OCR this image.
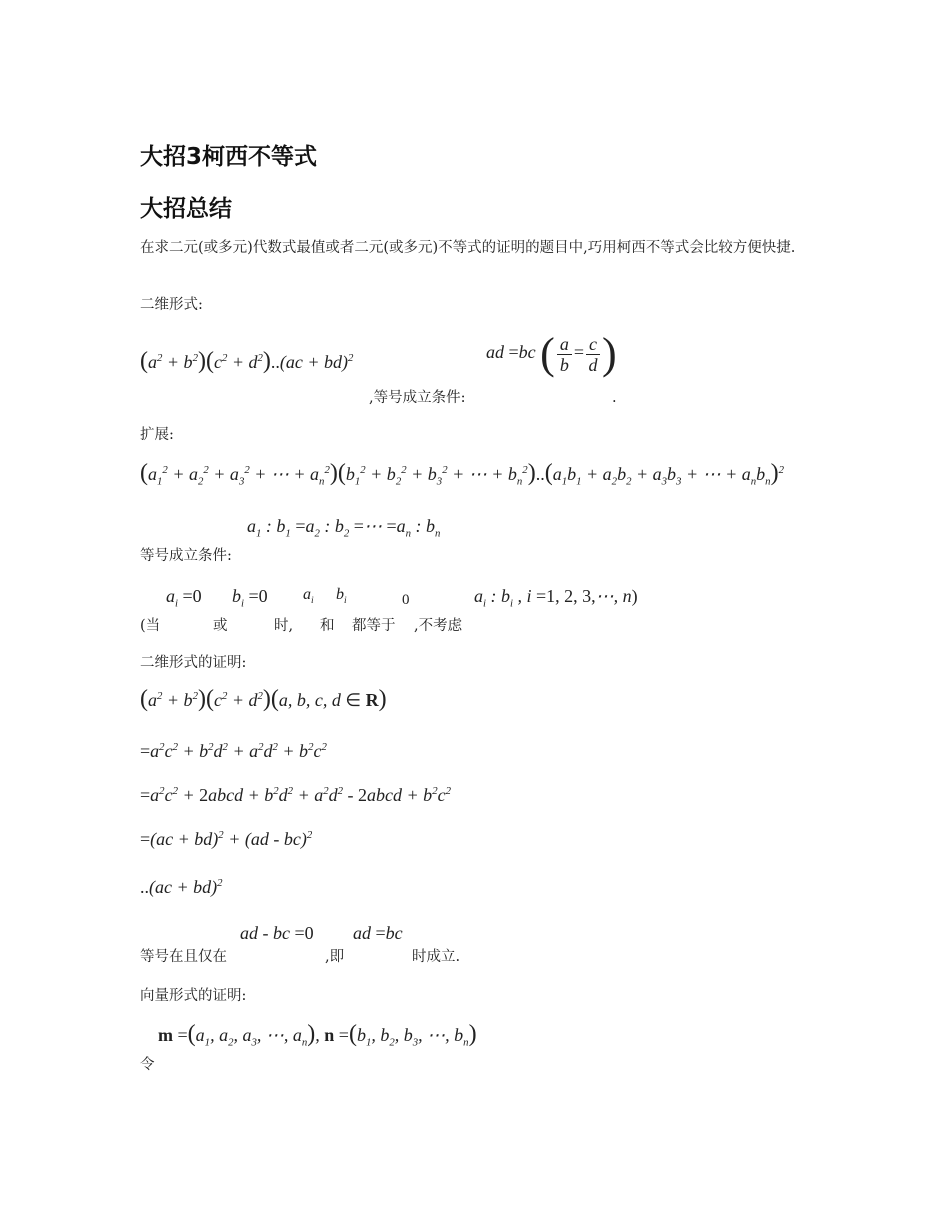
大招3柯西不等式
大招总结
在求二元(或多元)代数式最值或者二元(或多元)不等式的证明的题目中,巧用柯西不等式会比较方便快捷.
二维形式:
$(a^2 + b^2)(c^2 + d^2)..(ac + bd)^2$	ad =bc ( $\frac{a}{b} = \frac{c}{d}$ )
,等号成立条件:	.
扩展:
($a_1^2 + a_2^2 + a_3^2$ + ⋯ + $a_n^2)(b_1^2 + b_2^2 + b_3^2$ + ⋯ + $b_n^2)..(a_1b_1 + a_2b_2 + a_3b_3$ + ⋯ + $a_nb_n)^2$
$a_1$ : $b_1 =a_2$ : $b_2$ =⋯ $=a_n$ : $b_n$
等号成立条件:
$a_i =0$ $b_i =0$ $a_i$ $b_i$	0	$a_i$ : $b_i$ , i =1, 2, 3,⋯, n)
(当	或	时, 和 都等于 ,不考虑
二维形式的证明:
$(a^2 + b^2)(c^2 + d^2)(a$, b, c, d ∈ R)
$=a^2c^2 + b^2d^2 + a^2d^2 + b^2c^2$
$=a^2c^2$ + 2abcd + $b^2d^2 + a^2d^2$ - 2abcd + $b^2c^2$
=(ac + bd)$^2$ + (ad - bc)$^2$
..(ac + bd)$^2$
ad - bc =0 ad =bc
等号在且仅在	,即	时成立.
向量形式的证明:
$m =(a_1$, $a_2$, $a_3$, ⋯, $a_n$), $n =(b_1$, $b_2$, $b_3$, ⋯, $b_n$)
令
